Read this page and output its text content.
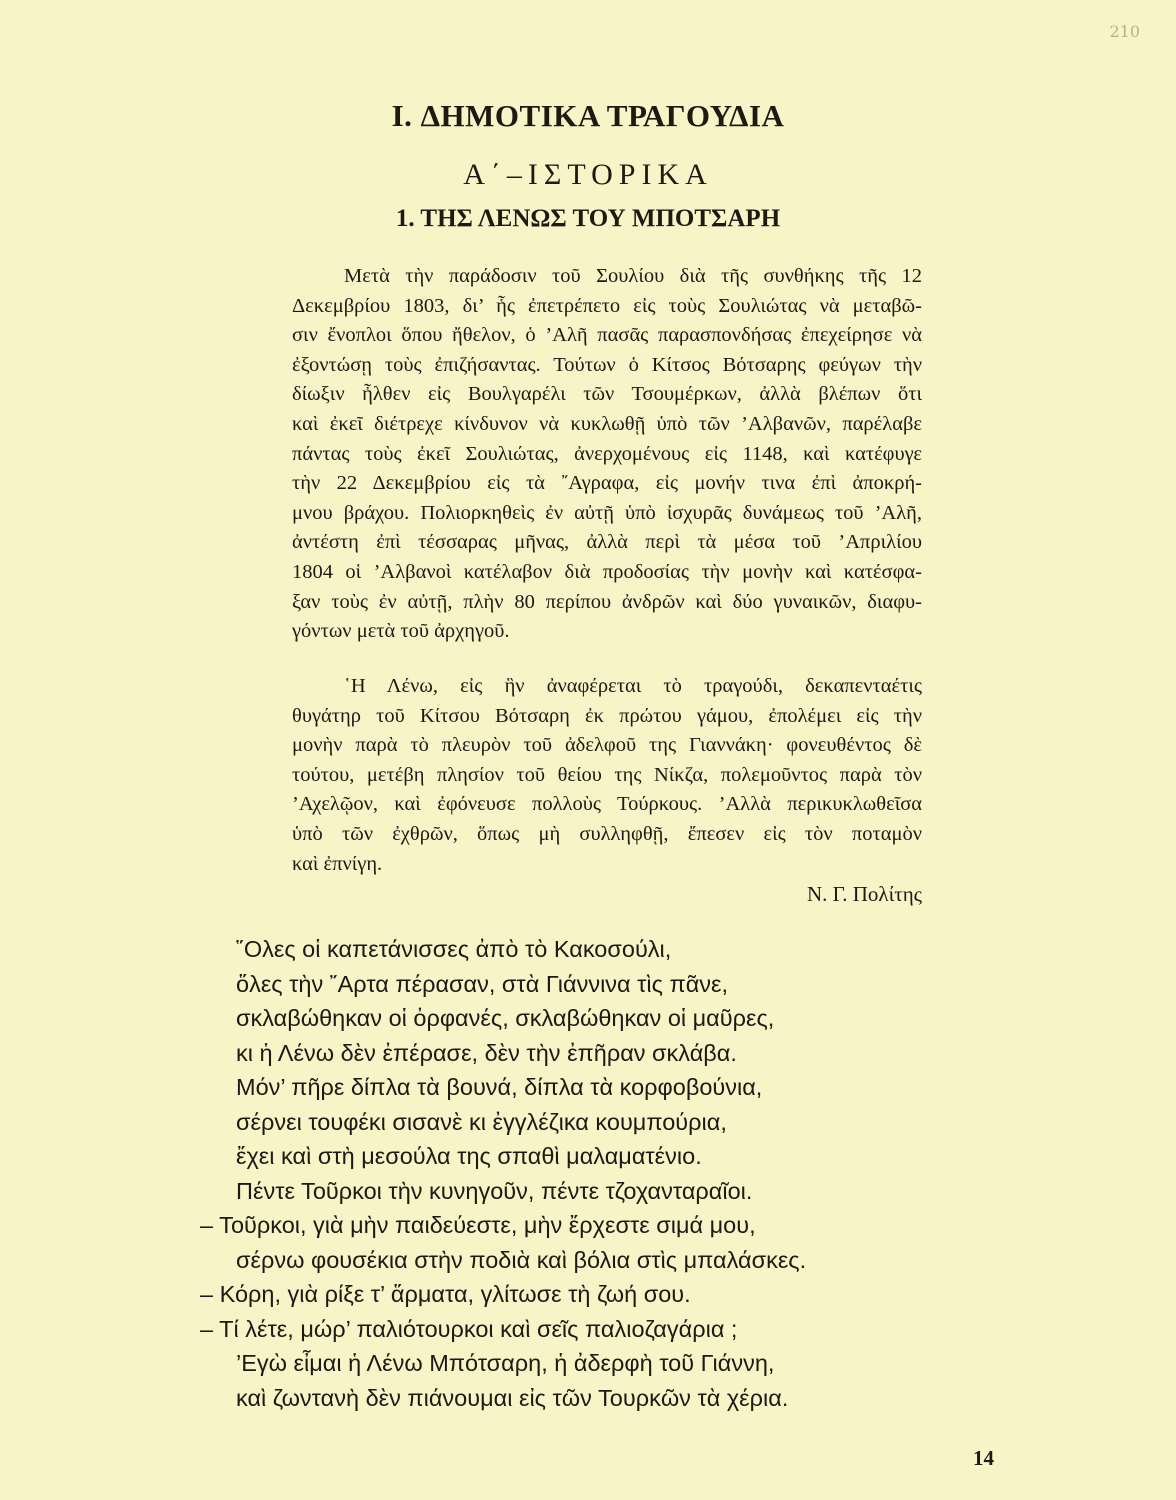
210
I. ΔΗΜΟΤΙΚΑ ΤΡΑΓΟΥΔΙΑ
Α΄–ΙΣΤΟΡΙΚΑ
1. ΤΗΣ ΛΕΝΩΣ ΤΟΥ ΜΠΟΤΣΑΡΗ
Μετὰ τὴν παράδοσιν τοῦ Σουλίου διὰ τῆς συνθήκης τῆς 12
Δεκεμβρίου 1803, δι’ ἧς ἐπετρέπετο εἰς τοὺς Σουλιώτας νὰ μεταβῶ-
σιν ἔνοπλοι ὅπου ἤθελον, ὁ ’Αλῆ πασᾶς παρασπονδήσας ἐπεχείρησε νὰ
ἐξοντώσῃ τοὺς ἐπιζήσαντας. Τούτων ὁ Κίτσος Βότσαρης φεύγων τὴν
δίωξιν ἦλθεν εἰς Βουλγαρέλι τῶν Τσουμέρκων, ἀλλὰ βλέπων ὅτι
καὶ ἐκεῖ διέτρεχε κίνδυνον νὰ κυκλωθῇ ὑπὸ τῶν ’Αλβανῶν, παρέλαβε
πάντας τοὺς ἐκεῖ Σουλιώτας, ἀνερχομένους εἰς 1148, καὶ κατέφυγε
τὴν 22 Δεκεμβρίου εἰς τὰ ῎Αγραφα, εἰς μονήν τινα ἐπὶ ἀποκρή-
μνου βράχου. Πολιορκηθεὶς ἐν αὐτῇ ὑπὸ ἰσχυρᾶς δυνάμεως τοῦ ’Αλῆ,
ἀντέστη ἐπὶ τέσσαρας μῆνας, ἀλλὰ περὶ τὰ μέσα τοῦ ’Απριλίου
1804 οἱ ’Αλβανοὶ κατέλαβον διὰ προδοσίας τὴν μονὴν καὶ κατέσφα-
ξαν τοὺς ἐν αὐτῇ, πλὴν 80 περίπου ἀνδρῶν καὶ δύο γυναικῶν, διαφυ-
γόντων μετὰ τοῦ ἀρχηγοῦ.
῾Η Λένω, εἰς ἣν ἀναφέρεται τὸ τραγούδι, δεκαπενταέτις
θυγάτηρ τοῦ Κίτσου Βότσαρη ἐκ πρώτου γάμου, ἐπολέμει εἰς τὴν
μονὴν παρὰ τὸ πλευρὸν τοῦ ἀδελφοῦ της Γιαννάκη· φονευθέντος δὲ
τούτου, μετέβη πλησίον τοῦ θείου της Νίκζα, πολεμοῦντος παρὰ τὸν
’Αχελῷον, καὶ ἐφόνευσε πολλοὺς Τούρκους. ’Αλλὰ περικυκλωθεῖσα
ὑπὸ τῶν ἐχθρῶν, ὅπως μὴ συλληφθῇ, ἔπεσεν εἰς τὸν ποταμὸν
καὶ ἐπνίγη.
Ν. Γ. Πολίτης
῞Ολες οἱ καπετάνισσες ἀπὸ τὸ Κακοσούλι,
ὅλες τὴν ῎Αρτα πέρασαν, στὰ Γιάννινα τὶς πᾶνε,
σκλαβώθηκαν οἱ ὀρφανές, σκλαβώθηκαν οἱ μαῦρες,
κι ἡ Λένω δὲν ἐπέρασε, δὲν τὴν ἐπῆραν σκλάβα.
Μόν’ πῆρε δίπλα τὰ βουνά, δίπλα τὰ κορφοβούνια,
σέρνει τουφέκι σισανὲ κι ἐγγλέζικα κουμπούρια,
ἔχει καὶ στὴ μεσούλα της σπαθὶ μαλαματένιο.
Πέντε Τοῦρκοι τὴν κυνηγοῦν, πέντε τζοχανταραῖοι.
– Τοῦρκοι, γιὰ μὴν παιδεύεστε, μὴν ἔρχεστε σιμά μου,
σέρνω φουσέκια στὴν ποδιὰ καὶ βόλια στὶς μπαλάσκες.
– Κόρη, γιὰ ρίξε τ’ ἅρματα, γλίτωσε τὴ ζωή σου.
– Τί λέτε, μώρ’ παλιότουρκοι καὶ σεῖς παλιοζαγάρια ;
’Εγὼ εἶμαι ἡ Λένω Μπότσαρη, ἡ ἀδερφὴ τοῦ Γιάννη,
καὶ ζωντανὴ δὲν πιάνουμαι εἰς τῶν Τουρκῶν τὰ χέρια.
14
